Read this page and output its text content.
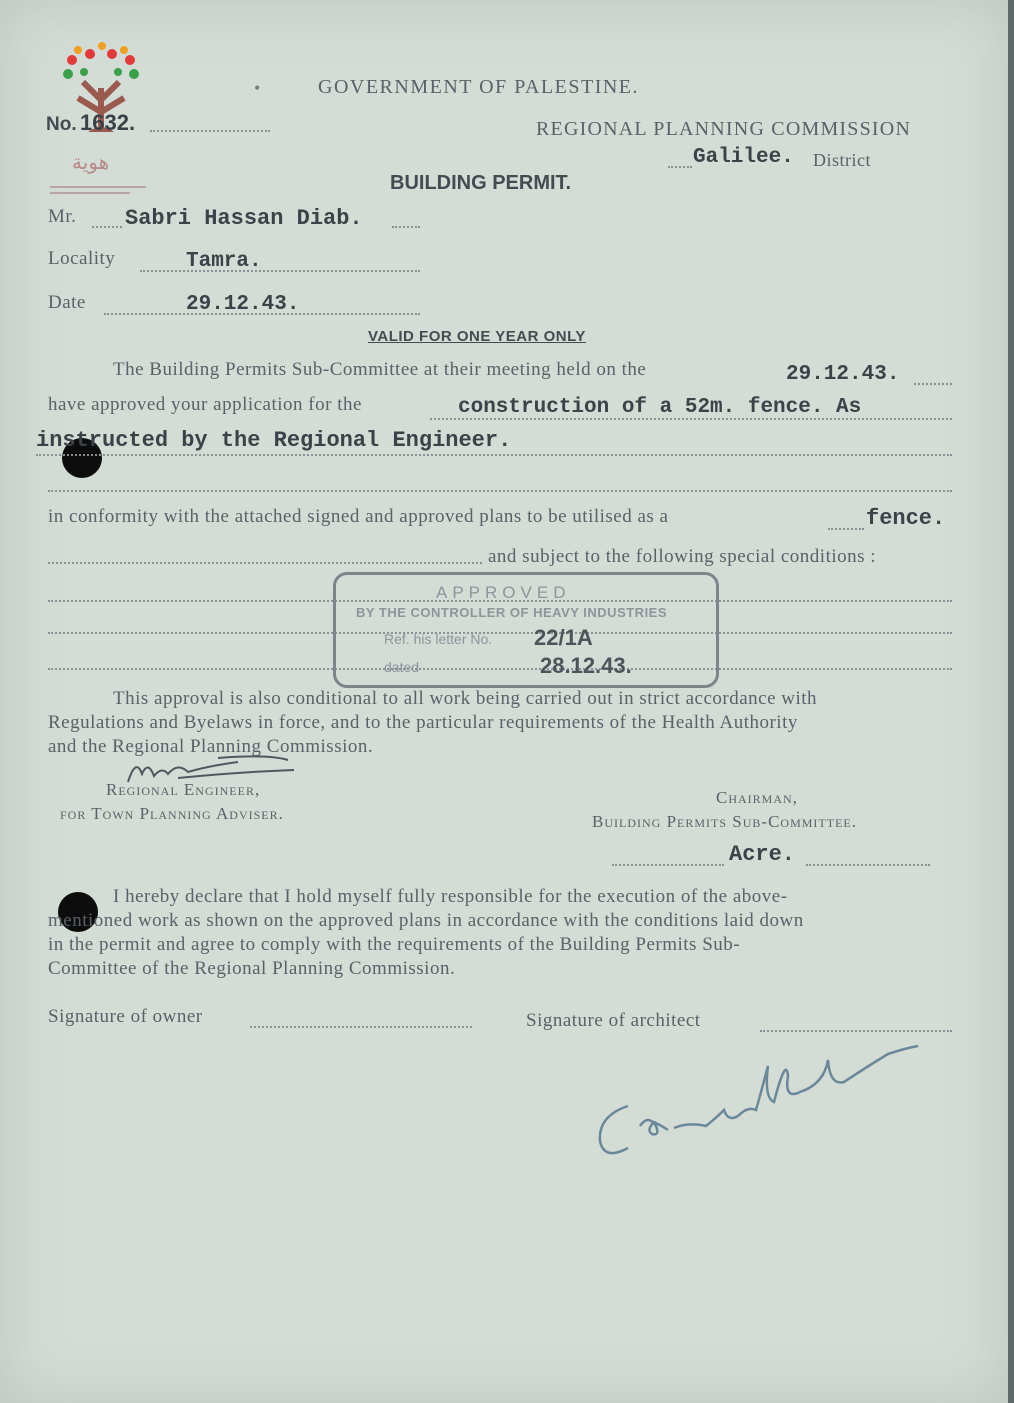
هوية
GOVERNMENT OF PALESTINE.
No. 1632.	REGIONAL PLANNING COMMISSION
Galilee. District
BUILDING PERMIT.
Mr. Sabri Hassan Diab.
Locality	Tamra.
Date	29.12.43.
VALID FOR ONE YEAR ONLY
The Building Permits Sub-Committee at their meeting held on the	29.12.43.
have approved your application for the	construction of a 52m. fence. As
instructed by the Regional Engineer.
in conformity with the attached signed and approved plans to be utilised as a	fence.
and subject to the following special conditions :
APPROVED
BY THE CONTROLLER OF HEAVY INDUSTRIES
Ref. his letter No. 22/1A
dated	28.12.43.
This approval is also conditional to all work being carried out in strict accordance with
Regulations and Byelaws in force, and to the particular requirements of the Health Authority
and the Regional Planning Commission.
Regional Engineer,
for Town Planning Adviser.
Chairman,
Building Permits Sub-Committee.
Acre.
I hereby declare that I hold myself fully responsible for the execution of the above-
mentioned work as shown on the approved plans in accordance with the conditions laid down
in the permit and agree to comply with the requirements of the Building Permits Sub-
Committee of the Regional Planning Commission.
Signature of owner	Signature of architect
•
